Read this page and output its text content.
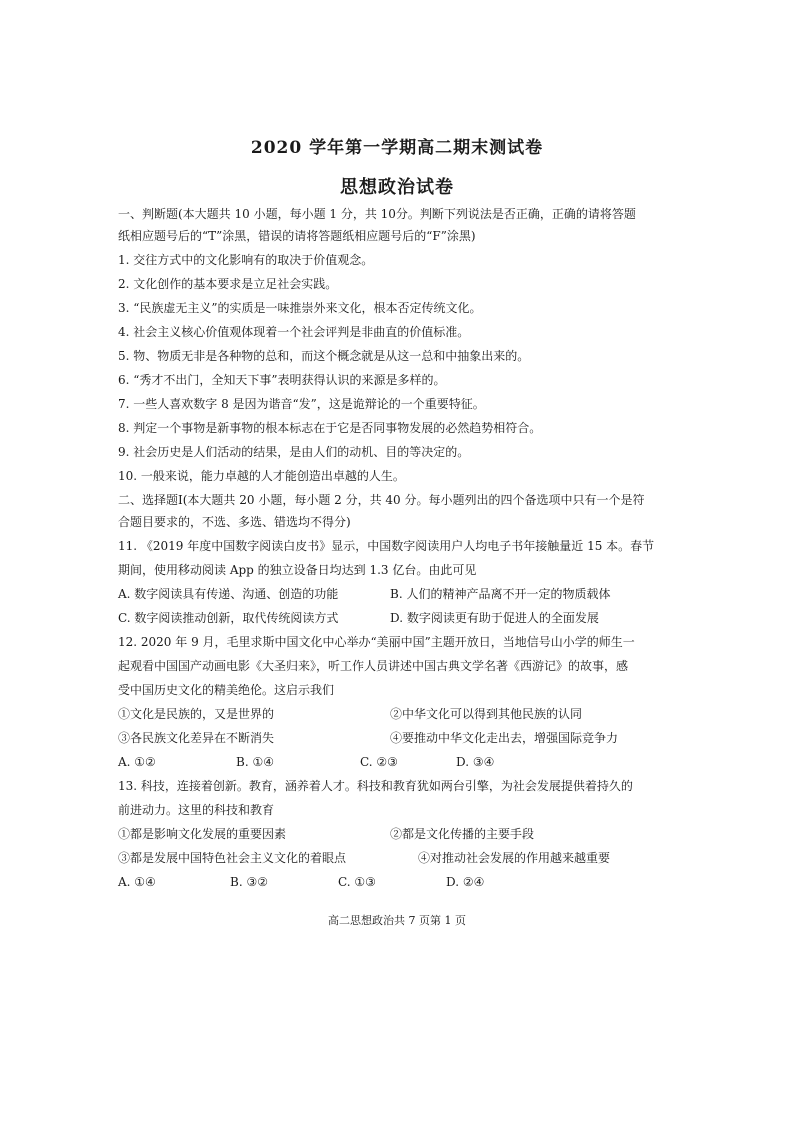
2020 学年第一学期高二期末测试卷
思想政治试卷
一、判断题(本大题共 10 小题，每小题 1 分，共 10分。判断下列说法是否正确，正确的请将答题
纸相应题号后的“T”涂黑，错误的请将答题纸相应题号后的“F”涂黑)
1. 交往方式中的文化影响有的取决于价值观念。
2. 文化创作的基本要求是立足社会实践。
3. “民族虚无主义”的实质是一味推崇外来文化，根本否定传统文化。
4. 社会主义核心价值观体现着一个社会评判是非曲直的价值标准。
5. 物、物质无非是各种物的总和，而这个概念就是从这一总和中抽象出来的。
6. “秀才不出门，全知天下事”表明获得认识的来源是多样的。
7. 一些人喜欢数字 8 是因为谐音“发”，这是诡辩论的一个重要特征。
8. 判定一个事物是新事物的根本标志在于它是否同事物发展的必然趋势相符合。
9. 社会历史是人们活动的结果，是由人们的动机、目的等决定的。
10. 一般来说，能力卓越的人才能创造出卓越的人生。
二、选择题Ⅰ(本大题共 20 小题，每小题 2 分，共 40 分。每小题列出的四个备选项中只有一个是符
合题目要求的，不选、多选、错选均不得分)
11. 《2019 年度中国数字阅读白皮书》显示，中国数字阅读用户人均电子书年接触量近 15 本。春节
期间，使用移动阅读 App 的独立设备日均达到 1.3 亿台。由此可见
A. 数字阅读具有传递、沟通、创造的功能	B. 人们的精神产品离不开一定的物质载体
C. 数字阅读推动创新，取代传统阅读方式	D. 数字阅读更有助于促进人的全面发展
12. 2020 年 9 月，毛里求斯中国文化中心举办“美丽中国”主题开放日，当地信号山小学的师生一
起观看中国国产动画电影《大圣归来》，听工作人员讲述中国古典文学名著《西游记》的故事，感
受中国历史文化的精美绝伦。这启示我们
①文化是民族的，又是世界的	②中华文化可以得到其他民族的认同
③各民族文化差异在不断消失	④要推动中华文化走出去，增强国际竞争力
A. ①②	B. ①④	C. ②③	D. ③④
13. 科技，连接着创新。教育，涵养着人才。科技和教育犹如两台引擎，为社会发展提供着持久的
前进动力。这里的科技和教育
①都是影响文化发展的重要因素	②都是文化传播的主要手段
③都是发展中国特色社会主义文化的着眼点	④对推动社会发展的作用越来越重要
A. ①④	B. ③②	C. ①③	D. ②④
高二思想政治共 7 页第 1 页
